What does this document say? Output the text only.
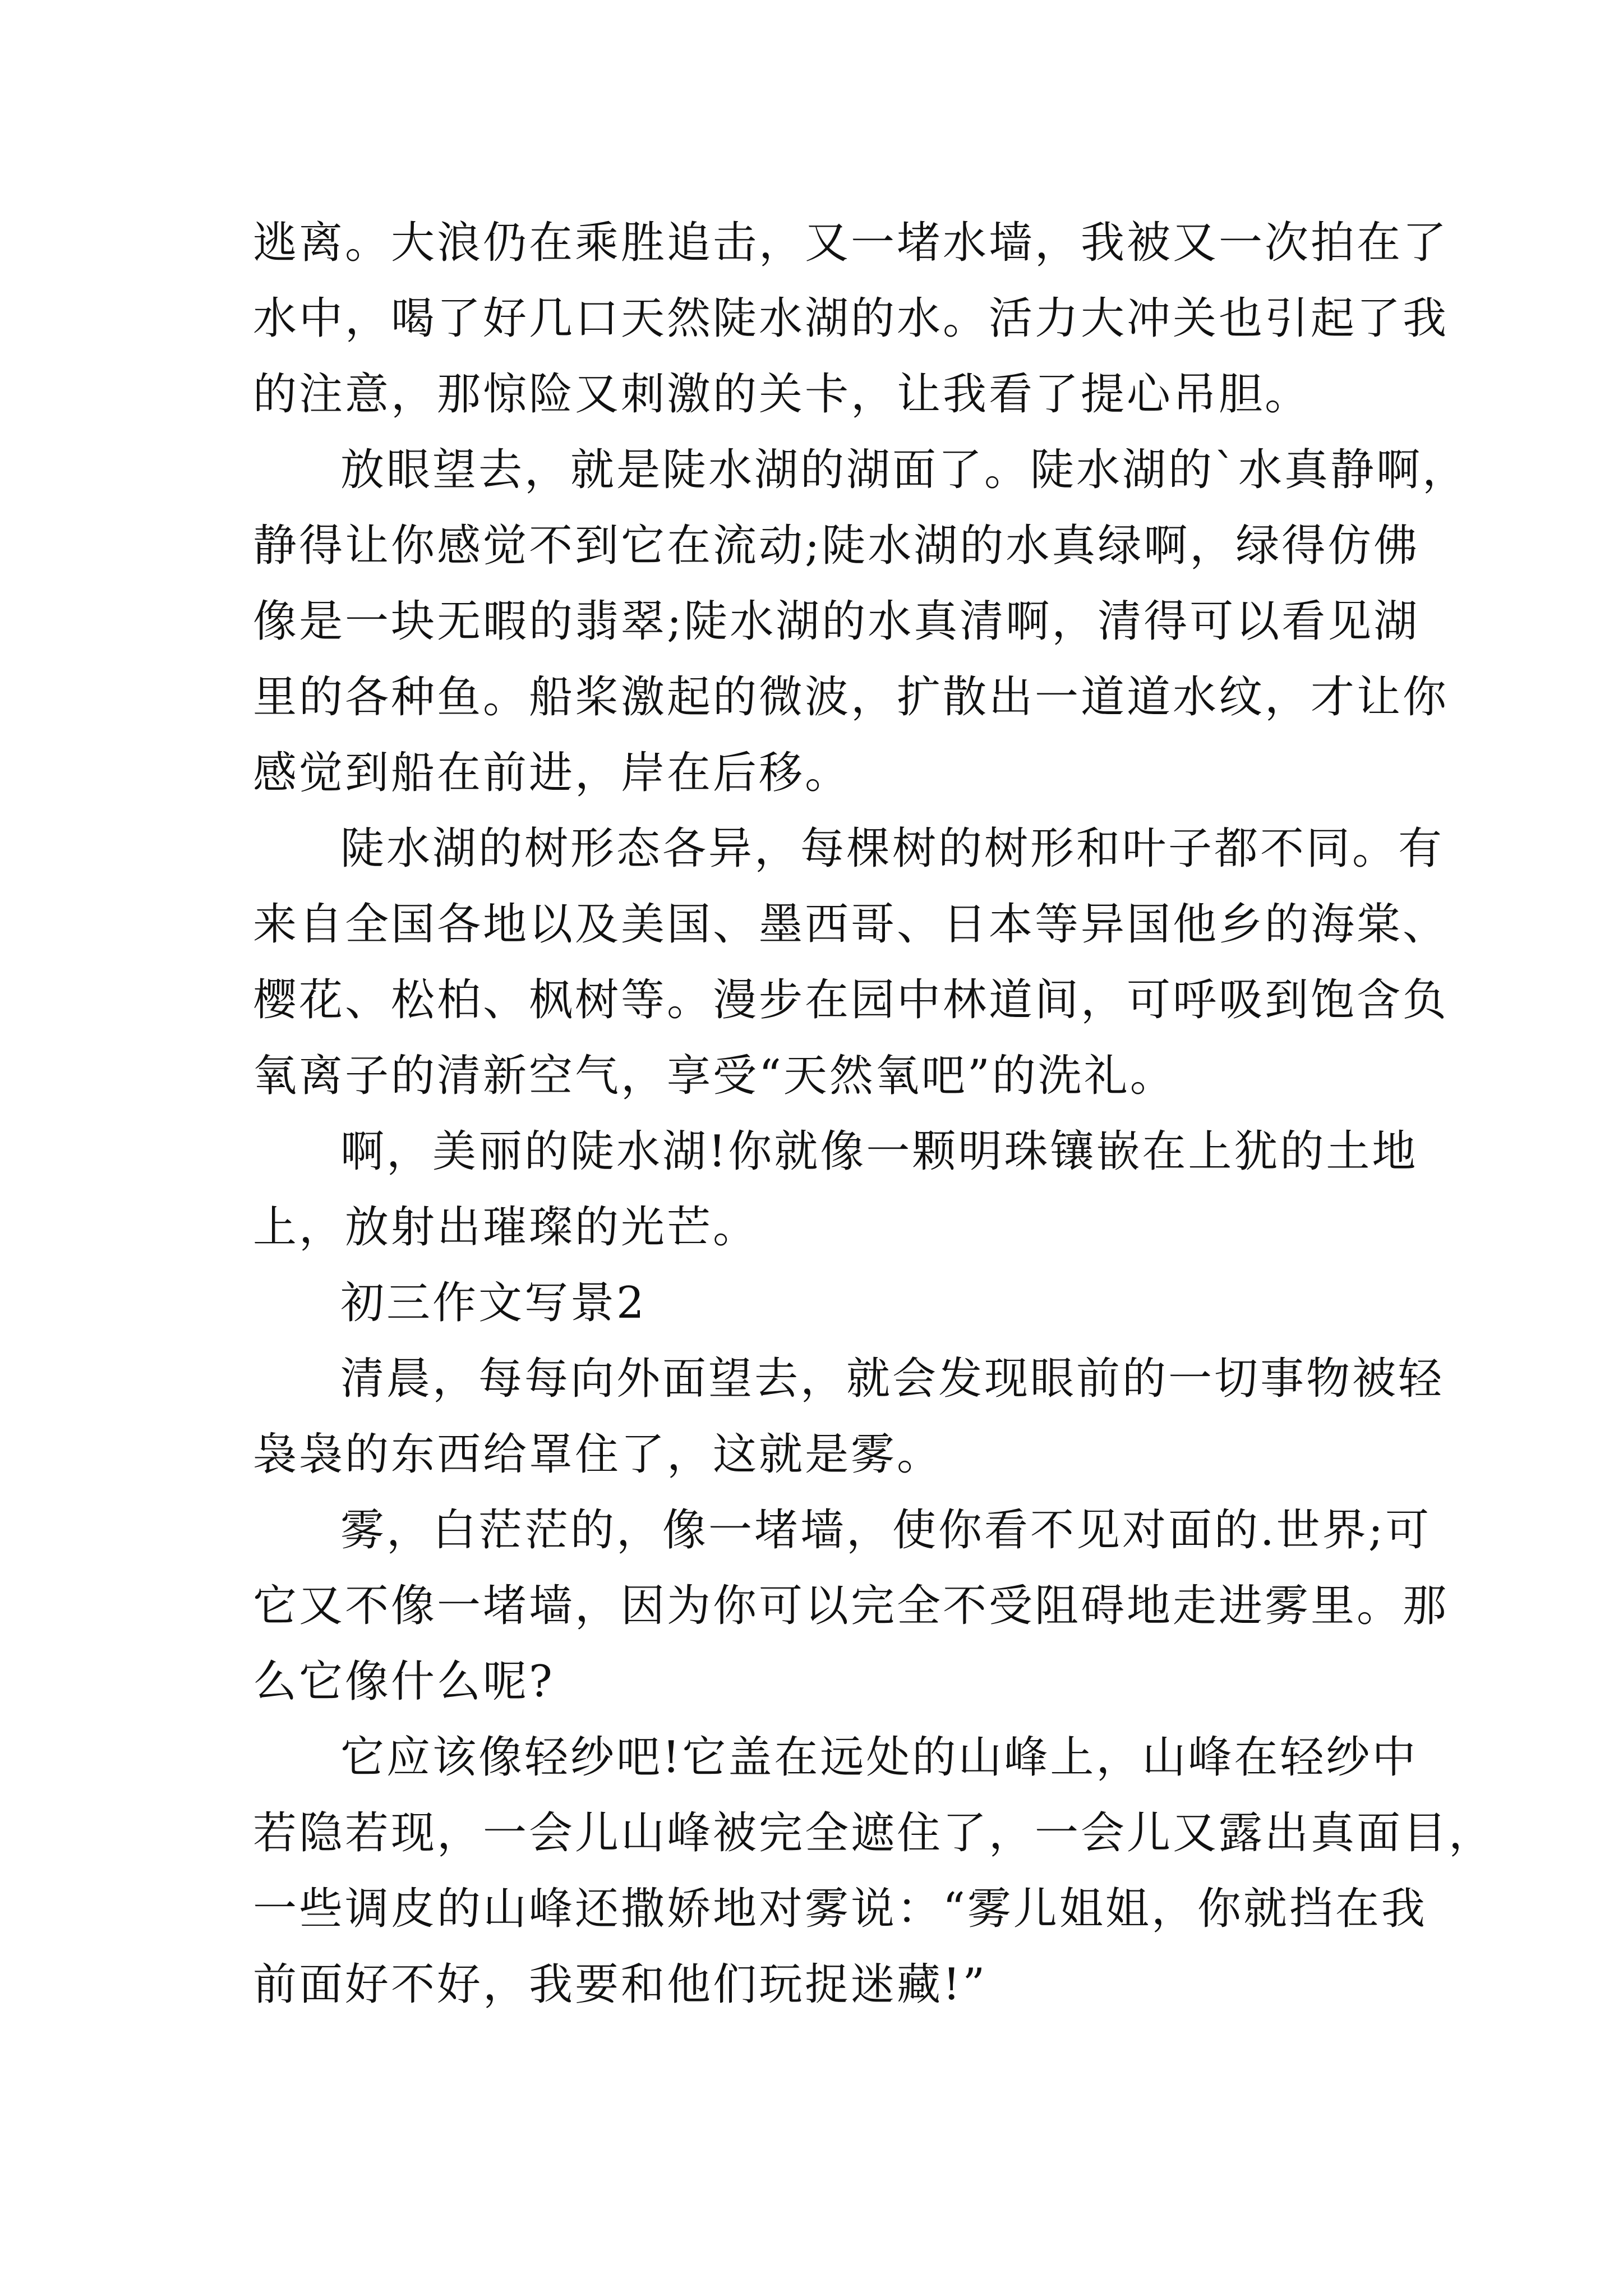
逃离。大浪仍在乘胜追击，又一堵水墙，我被又一次拍在了
水中，喝了好几口天然陡水湖的水。活力大冲关也引起了我
的注意，那惊险又刺激的关卡，让我看了提心吊胆。
放眼望去，就是陡水湖的湖面了。陡水湖的`水真静啊，
静得让你感觉不到它在流动;陡水湖的水真绿啊，绿得仿佛
像是一块无暇的翡翠;陡水湖的水真清啊，清得可以看见湖
里的各种鱼。船桨激起的微波，扩散出一道道水纹，才让你
感觉到船在前进，岸在后移。
陡水湖的树形态各异，每棵树的树形和叶子都不同。有
来自全国各地以及美国、墨西哥、日本等异国他乡的海棠、
樱花、松柏、枫树等。漫步在园中林道间，可呼吸到饱含负
氧离子的清新空气，享受“天然氧吧”的洗礼。
啊，美丽的陡水湖!你就像一颗明珠镶嵌在上犹的土地
上，放射出璀璨的光芒。
初三作文写景2
清晨，每每向外面望去，就会发现眼前的一切事物被轻
袅袅的东西给罩住了，这就是雾。
雾，白茫茫的，像一堵墙，使你看不见对面的.世界;可
它又不像一堵墙，因为你可以完全不受阻碍地走进雾里。那
么它像什么呢?
它应该像轻纱吧!它盖在远处的山峰上，山峰在轻纱中
若隐若现，一会儿山峰被完全遮住了，一会儿又露出真面目，
一些调皮的山峰还撒娇地对雾说：“雾儿姐姐，你就挡在我
前面好不好，我要和他们玩捉迷藏!”
